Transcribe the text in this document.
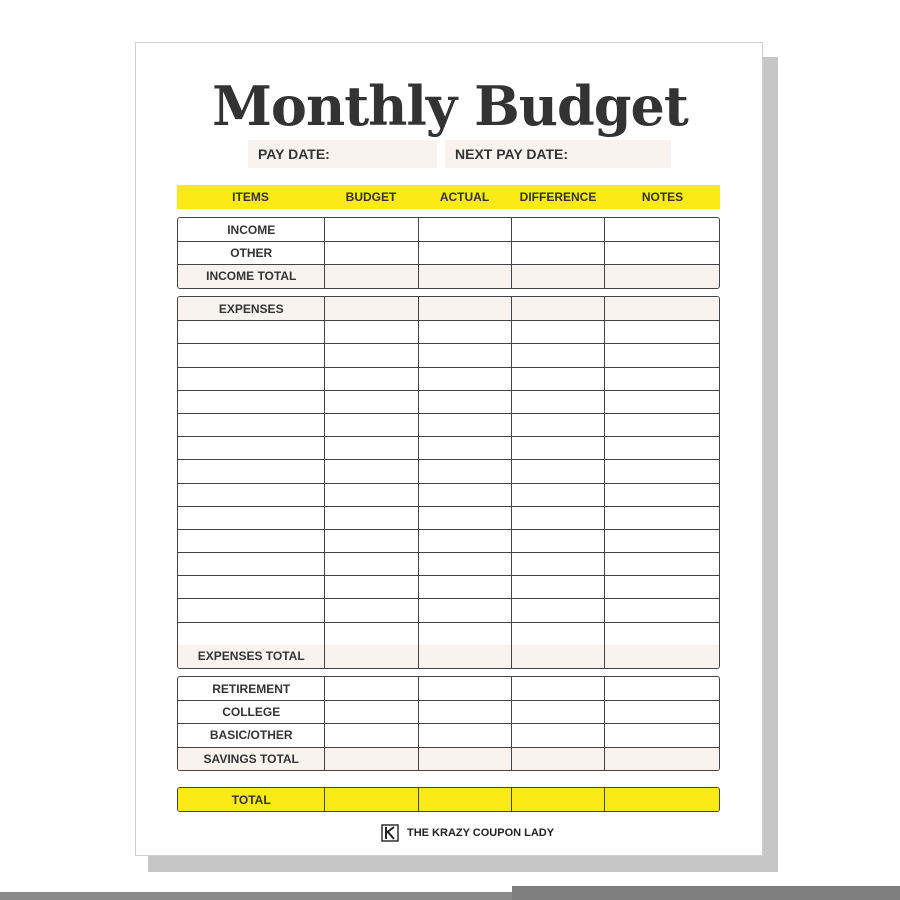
Monthly Budget
PAY DATE:	NEXT PAY DATE:
ITEMS	BUDGET	ACTUAL	DIFFERENCE	NOTES
INCOME
OTHER
INCOME TOTAL
EXPENSES
EXPENSES TOTAL
RETIREMENT
COLLEGE
BASIC/OTHER
SAVINGS TOTAL
TOTAL
THE KRAZY COUPON LADY
